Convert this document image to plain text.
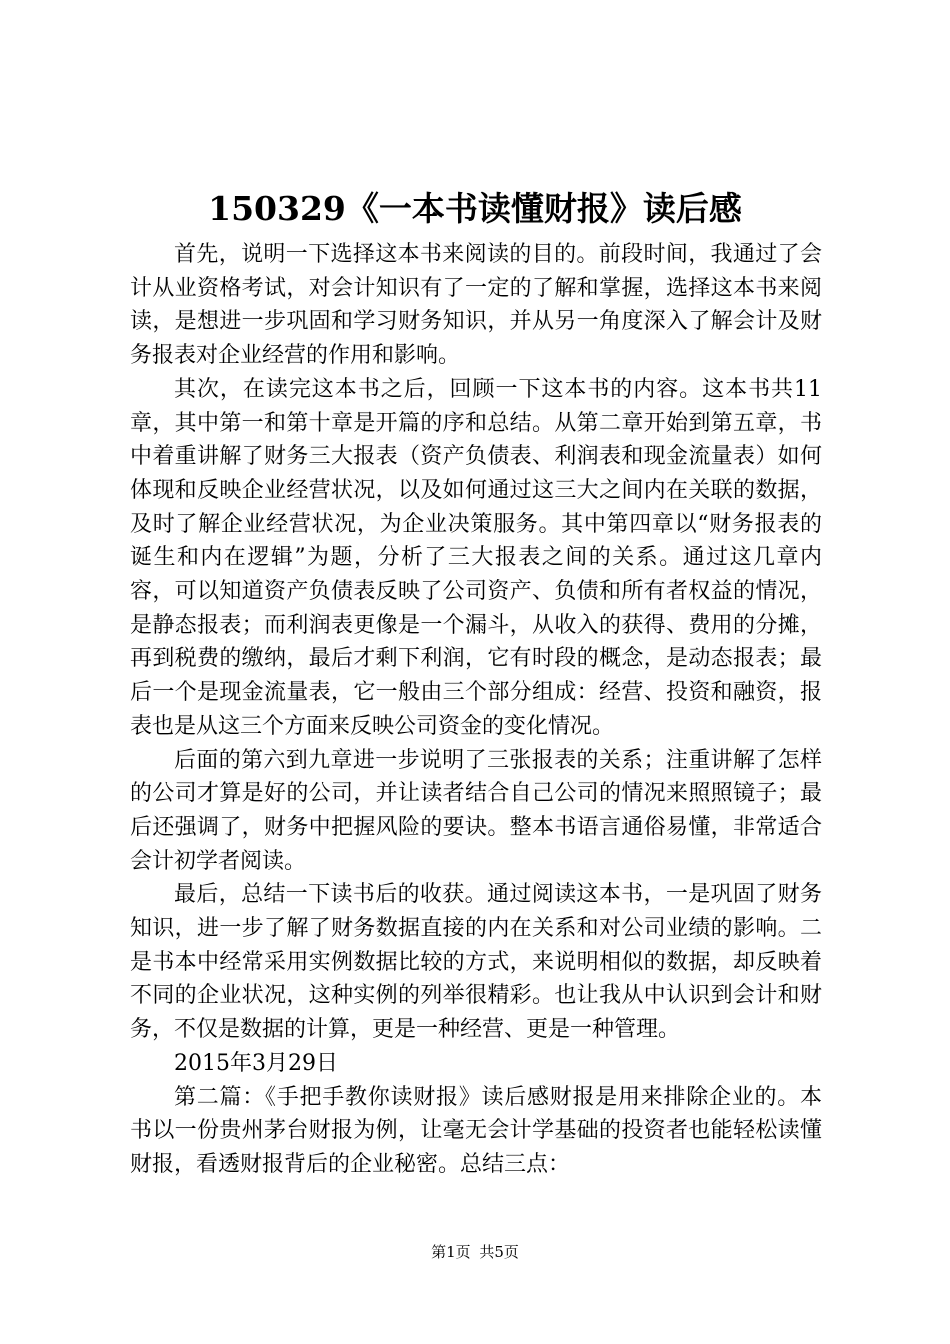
150329《一本书读懂财报》读后感

首先，说明一下选择这本书来阅读的目的。前段时间，我通过了会计从业资格考试，对会计知识有了一定的了解和掌握，选择这本书来阅读，是想进一步巩固和学习财务知识，并从另一角度深入了解会计及财务报表对企业经营的作用和影响。

其次，在读完这本书之后，回顾一下这本书的内容。这本书共11章，其中第一和第十章是开篇的序和总结。从第二章开始到第五章，书中着重讲解了财务三大报表（资产负债表、利润表和现金流量表）如何体现和反映企业经营状况，以及如何通过这三大之间内在关联的数据，及时了解企业经营状况，为企业决策服务。其中第四章以“财务报表的诞生和内在逻辑”为题，分析了三大报表之间的关系。通过这几章内容，可以知道资产负债表反映了公司资产、负债和所有者权益的情况，是静态报表；而利润表更像是一个漏斗，从收入的获得、费用的分摊，再到税费的缴纳，最后才剩下利润，它有时段的概念，是动态报表；最后一个是现金流量表，它一般由三个部分组成：经营、投资和融资，报表也是从这三个方面来反映公司资金的变化情况。

后面的第六到九章进一步说明了三张报表的关系；注重讲解了怎样的公司才算是好的公司，并让读者结合自己公司的情况来照照镜子；最后还强调了，财务中把握风险的要诀。整本书语言通俗易懂，非常适合会计初学者阅读。

最后，总结一下读书后的收获。通过阅读这本书，一是巩固了财务知识，进一步了解了财务数据直接的内在关系和对公司业绩的影响。二是书本中经常采用实例数据比较的方式，来说明相似的数据，却反映着不同的企业状况，这种实例的列举很精彩。也让我从中认识到会计和财务，不仅是数据的计算，更是一种经营、更是一种管理。

2015年3月29日

第二篇：《手把手教你读财报》读后感财报是用来排除企业的。本书以一份贵州茅台财报为例，让毫无会计学基础的投资者也能轻松读懂财报，看透财报背后的企业秘密。总结三点：

第1页 共5页
